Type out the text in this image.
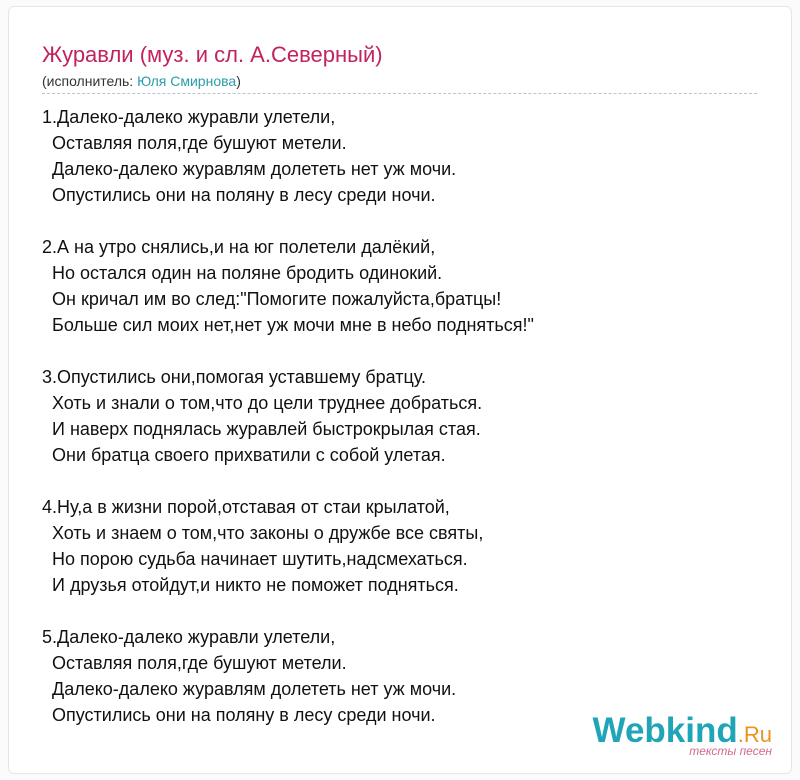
Журавли (муз. и сл. А.Северный)
(исполнитель: Юля Смирнова)
1.Далеко-далеко журавли улетели,
Оставляя поля,где бушуют метели.
Далеко-далеко журавлям долететь нет уж мочи.
Опустились они на поляну в лесу среди ночи.
2.А на утро снялись,и на юг полетели далёкий,
Но остался один на поляне бродить одинокий.
Он кричал им во след:"Помогите пожалуйста,братцы!
Больше сил моих нет,нет уж мочи мне в небо подняться!"
3.Опустились они,помогая уставшему братцу.
Хоть и знали о том,что до цели труднее добраться.
И наверх поднялась журавлей быстрокрылая стая.
Они братца своего прихватили с собой улетая.
4.Ну,а в жизни порой,отставая от стаи крылатой,
Хоть и знаем о том,что законы о дружбе все святы,
Но порою судьба начинает шутить,надсмехаться.
И друзья отойдут,и никто не поможет подняться.
5.Далеко-далеко журавли улетели,
Оставляя поля,где бушуют метели.
Далеко-далеко журавлям долететь нет уж мочи.
Опустились они на поляну в лесу среди ночи.	Webkind.Ru
тексты песен
